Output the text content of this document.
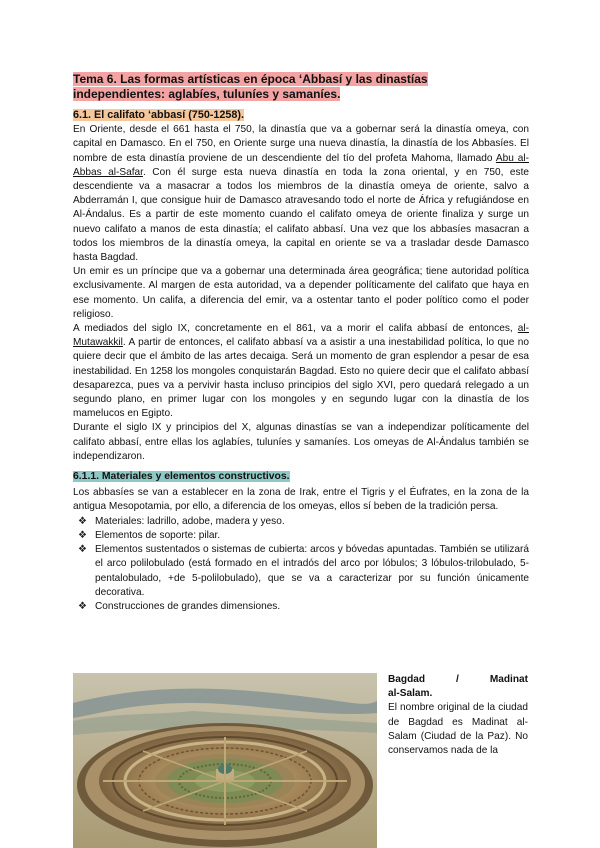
Tema 6. Las formas artísticas en época ‘Abbasí y las dinastías
independientes: aglabíes, tuluníes y samaníes.
6.1. El califato ‘abbasí (750-1258).

En Oriente, desde el 661 hasta el 750, la dinastía que va a gobernar será la dinastía omeya, con capital en Damasco. En el 750, en Oriente surge una nueva dinastía, la dinastía de los Abbasíes. El nombre de esta dinastía proviene de un descendiente del tío del profeta Mahoma, llamado Abu al-Abbas al-Safar. Con él surge esta nueva dinastía en toda la zona oriental, y en 750, este descendiente va a masacrar a todos los miembros de la dinastía omeya de oriente, salvo a Abderramán I, que consigue huir de Damasco atravesando todo el norte de África y refugiándose en Al-Ándalus. Es a partir de este momento cuando el califato omeya de oriente finaliza y surge un nuevo califato a manos de esta dinastía; el califato abbasí. Una vez que los abbasíes masacran a todos los miembros de la dinastía omeya, la capital en oriente se va a trasladar desde Damasco hasta Bagdad.

Un emir es un príncipe que va a gobernar una determinada área geográfica; tiene autoridad política exclusivamente. Al margen de esta autoridad, va a depender políticamente del califato que haya en ese momento. Un califa, a diferencia del emir, va a ostentar tanto el poder político como el poder religioso.

A mediados del siglo IX, concretamente en el 861, va a morir el califa abbasí de entonces, al-Mutawakkil. A partir de entonces, el califato abbasí va a asistir a una inestabilidad política, lo que no quiere decir que el ámbito de las artes decaiga. Será un momento de gran esplendor a pesar de esa inestabilidad. En 1258 los mongoles conquistarán Bagdad. Esto no quiere decir que el califato abbasí desaparezca, pues va a pervivir hasta incluso principios del siglo XVI, pero quedará relegado a un segundo plano, en primer lugar con los mongoles y en segundo lugar con la dinastía de los mamelucos en Egipto.

Durante el siglo IX y principios del X, algunas dinastías se van a independizar políticamente del califato abbasí, entre ellas los aglabíes, tuluníes y samaníes. Los omeyas de Al-Ándalus también se independizaron.

6.1.1. Materiales y elementos constructivos.

Los abbasíes se van a establecer en la zona de Irak, entre el Tigris y el Éufrates, en la zona de la antigua Mesopotamia, por ello, a diferencia de los omeyas, ellos sí beben de la tradición persa.

❖ Materiales: ladrillo, adobe, madera y yeso.
❖ Elementos de soporte: pilar.
❖ Elementos sustentados o sistemas de cubierta: arcos y bóvedas apuntadas. También se utilizará el arco polilobulado (está formado en el intradós del arco por lóbulos; 3 lóbulos-trilobulado, 5-pentalobulado, +de 5-polilobulado), que se va a caracterizar por su función únicamente decorativa.
❖ Construcciones de grandes dimensiones.
Bagdad	/	Madinat
al-Salam.

El nombre original de la ciudad de Bagdad es Madinat al-Salam (Ciudad de la Paz). No conservamos nada de la
